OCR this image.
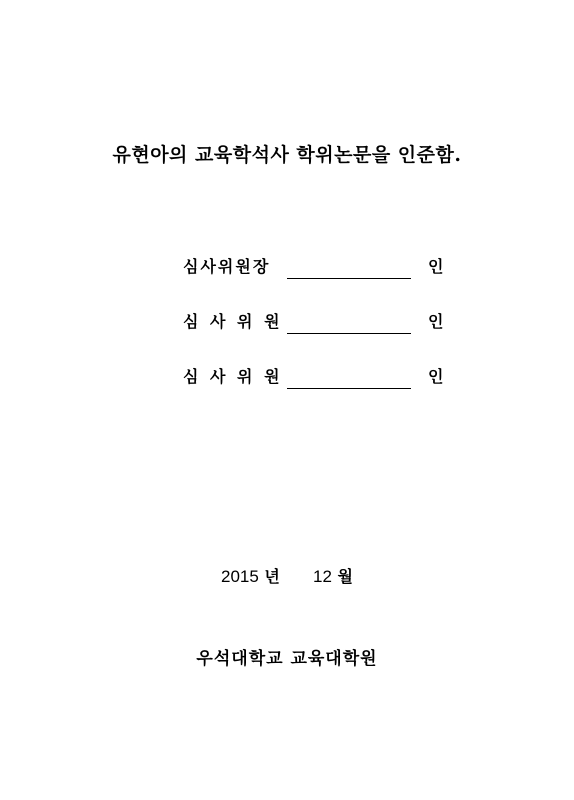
유현아의 교육학석사 학위논문을 인준함.
심사위원장	인
심 사 위 원	인
심 사 위 원	인
2015 년 12 월
우석대학교 교육대학원
